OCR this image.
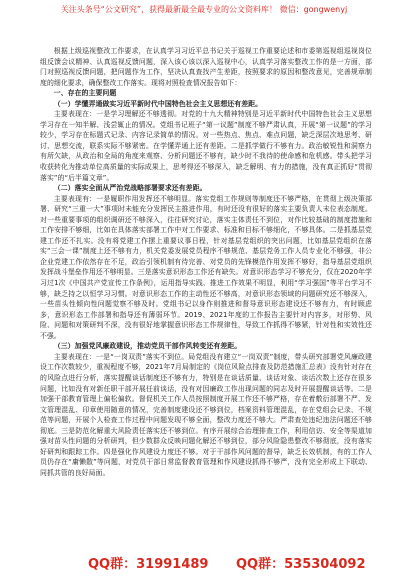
关注头条号“公文研究”，获得最新最全最专业的公文资料库！ 微信：gongwenyj

根据上级巡视整改工作要求，在认真学习习近平总书记关于巡视工作重要论述和市委第巡视组巡视岗位组反馈会议精神、认真巡视反馈问题，深入该心该以深入巡视中心，认真学习落实整改工作的是一方面，部门对照巡视反馈问题，把问题作为工作，坚决认真查找产生差距，按照要求的原因和整改意见，完善规章制度的细化要求，确保整改工作落实。现将对照检查情况报告如下：

一、存在的主要问题

（一）学懂弄通做实习近平新时代中国特色社会主义思想还有差距。

主要表现在：一是学习理解还不够透彻。对党的十九大精神特别是习近平新时代中国特色社会主义思想学习存在一知半解、浅尝辄止的情况。党组书记班子“第一议题”制度不够严肃认真，开展“第一议题”的学习较少，学习存在标题式记录、内容记录简单的情况。对一些热点、焦点、难点问题，缺乏深层次地思考、研讨、思想交流，联系实际不够紧密。在学懂弄通上还有差距。二是抓学做行不够有力。政治敏锐性和洞察力有所欠缺，从政治和全局的角度来观察、分析问题还不够有，缺少时不我待的使命感和危机感。带头把学习收获转化为推动单位高质量的实际成果上，思考得还不够深入，缺乏解明、有力的措施，没有真正抓好“贯彻落实”的“后半篇文章”。

（二）落实全面从严治党战略部署要求还有差距。

主要表现有：一是履职作用发挥还不够明显。落实党组工作规则等制度还不够严格，在贯彻上级决策部署、研究“三重一大”事项时未能充分发挥民主推进作用，有时还没有很好的落实主要负责人末位表态制度。对一些重要事项的组织调研还不够深入，往往研究讨论，落实主体责任不到位，对作比较基础的制度措施和工作安排不够细，比如在具体落实部署工作中对工作要求、标准和目标不够细化，不够具体。二是抓基层党建工作还不扎实。没有将党建工作摆上重要议事日程，针对基层党组织的突出问题，比如基层党组织在落实“三会一课”制度上还不够有力，机关党委发展党员程序不够规范、基层党务工作人员专业化不够强，非公企业党建工作依然存在不足，政治引领机制有待完善、对党员的先锋模范作用发挥不够好，指导基层党组织发挥战斗堡垒作用还不够明显。三是落实意识形态工作还有缺失。对意识形态学习不够充分，仅在2020年学习过1次《中国共产党宣传工作条例》，运用指导实践、推进工作效果不明显，利用“学习强国”等平台学习不够，缺乏持之以恒学习习惯。对意识形态工作的主动性还不够高，对意识形态领域的问题研究还不够深入，一些苗头性倾向性问题觉察不够及时。党组书记以身作则推进和督导意识形态建设还不够有力，有时顾虑多，意识形态工作部署和指导还有薄弱环节。2019、2021年度的工作报告主要针对内容多，对形势、风险、问题和对策研判不深，没有很好地掌握意识形态工作规律性，导致工作抓得不够紧，针对性和实效性还不强。

（三）加强党风廉政建设，推动党员干部作风转变还有差距。

主要表现在：一是“一岗双责”落实不到位。局党组没有建立“一岗双责”制度，带头研究部署党风廉政建设工作次数较少，重视程度不够，2021年7月局制定的《岗位风险点排查及防范措施汇总表》没有针对存在的风险点进行分析，落实提醒谈话制度还不够有力，特别是在谈话质量、谈话对象、谈话次数上还存在很多问题，比如没有对新任职干部开展任前谈话，没有对因廉政工作出现问题的同志及时开展提醒谈话等。二是加强干部教育管理上偏松偏软。督促机关工作人员按照制度开展工作还不够严格，存在着敷衍部署不严、发文管理混乱、印章使用随意的情况，完善制度建设还不够到位，档案资料管理混乱，存在党组会记录、不规范等问题，开展个人检查工作过程中问题发现不够全面，整改力度还不够大。严肃查处违纪违法问题还不够彻底。三是防范化解重大风险责任落实还不够到位。有序开展综合治理排查工作，利用信访、安全等渠道加强对苗头性问题的分析研判，但少数群众反映问题化解还不够到位，部分风险隐患整改不够彻底，没有落实好研判和跟踪工作。四是强化作风建设力度还不够。对于干部作风问题的督导，缺乏长效机制，有的工作人员仍存在“庸懒散”等问题，对党员干部日常监督教育管理和作风建设抓得不够严，没有完全形成上下联动、同抓共管的良好局面。

QQ群：31991489 QQ群：535304092
